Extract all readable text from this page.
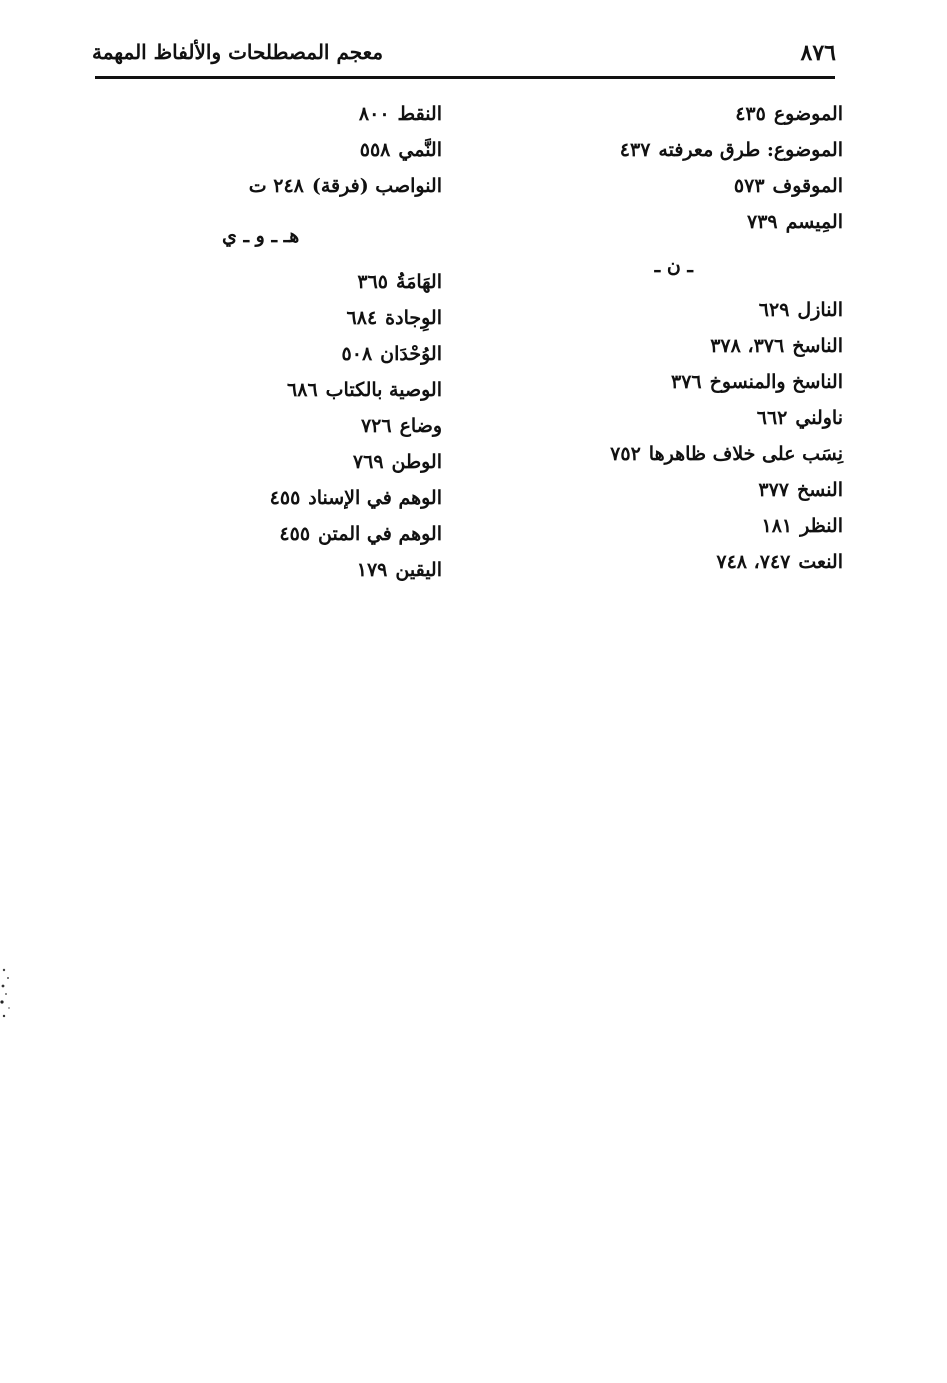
٨٧٦
معجم المصطلحات والألفاظ المهمة
الموضوع٤٣٥
الموضوع: طرق معرفته٤٣٧
الموقوف٥٧٣
المِيسم٧٣٩
ـ ن ـ
النازل٦٢٩
الناسخ٣٧٦، ٣٧٨
الناسخ والمنسوخ٣٧٦
ناولني٦٦٢
نِسَب على خلاف ظاهرها٧٥٢
النسخ٣٧٧
النظر١٨١
النعت٧٤٧، ٧٤٨
النقط٨٠٠
النَّمي٥٥٨
النواصب (فرقة)٢٤٨ ت
هـ ـ و ـ ي
الهَامَةُ٣٦٥
الوِجادة٦٨٤
الوُحْدَان٥٠٨
الوصية بالكتاب٦٨٦
وضاع٧٢٦
الوطن٧٦٩
الوهم في الإسناد٤٥٥
الوهم في المتن٤٥٥
اليقين١٧٩
